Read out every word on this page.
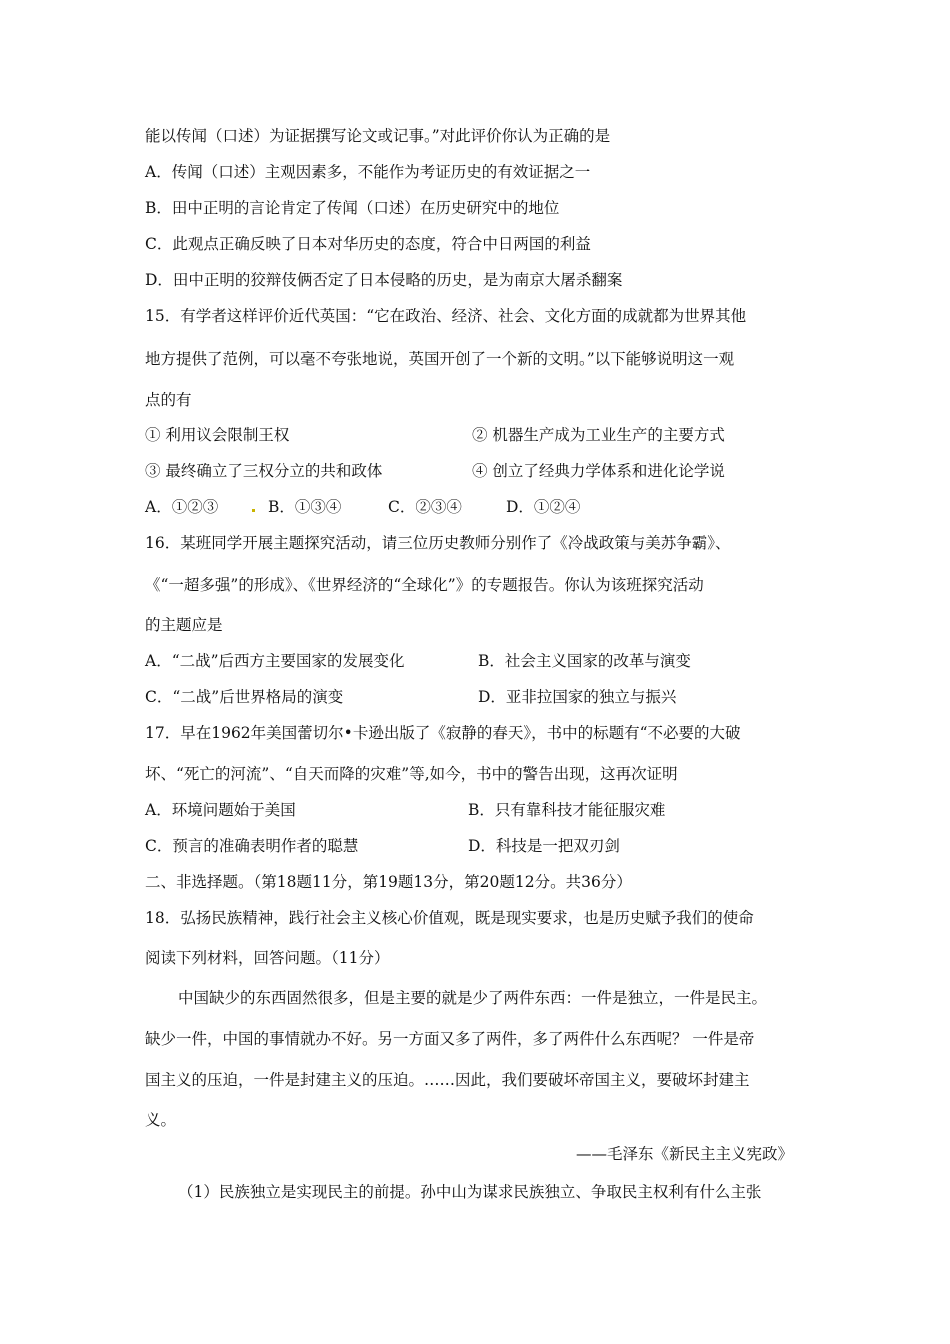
能以传闻（口述）为证据撰写论文或记事。”对此评价你认为正确的是
A．传闻（口述）主观因素多，不能作为考证历史的有效证据之一
B．田中正明的言论肯定了传闻（口述）在历史研究中的地位
C．此观点正确反映了日本对华历史的态度，符合中日两国的利益
D．田中正明的狡辩伎俩否定了日本侵略的历史，是为南京大屠杀翻案
15．有学者这样评价近代英国：“它在政治、经济、社会、文化方面的成就都为世界其他
地方提供了范例，可以毫不夸张地说，英国开创了一个新的文明。”以下能够说明这一观
点的有
① 利用议会限制王权	② 机器生产成为工业生产的主要方式
③ 最终确立了三权分立的共和政体	④ 创立了经典力学体系和进化论学说
A．①②③	B．①③④	C．②③④	D．①②④
16．某班同学开展主题探究活动，请三位历史教师分别作了《冷战政策与美苏争霸》、
《“一超多强”的形成》、《世界经济的“全球化”》的专题报告。你认为该班探究活动
的主题应是
A．“二战”后西方主要国家的发展变化	B．社会主义国家的改革与演变
C．“二战”后世界格局的演变	D．亚非拉国家的独立与振兴
17．早在1962年美国蕾切尔•卡逊出版了《寂静的春天》，书中的标题有“不必要的大破
坏、“死亡的河流”、“自天而降的灾难”等,如今，书中的警告出现，这再次证明
A．环境问题始于美国	B．只有靠科技才能征服灾难
C．预言的准确表明作者的聪慧	D．科技是一把双刃剑
二、非选择题。（第18题11分，第19题13分，第20题12分。共36分）
18．弘扬民族精神，践行社会主义核心价值观，既是现实要求，也是历史赋予我们的使命
阅读下列材料，回答问题。（11分）
中国缺少的东西固然很多，但是主要的就是少了两件东西：一件是独立，一件是民主。
缺少一件，中国的事情就办不好。另一方面又多了两件，多了两件什么东西呢？ 一件是帝
国主义的压迫，一件是封建主义的压迫。……因此，我们要破坏帝国主义，要破坏封建主
义。
——毛泽东《新民主主义宪政》
（1）民族独立是实现民主的前提。孙中山为谋求民族独立、争取民主权利有什么主张
